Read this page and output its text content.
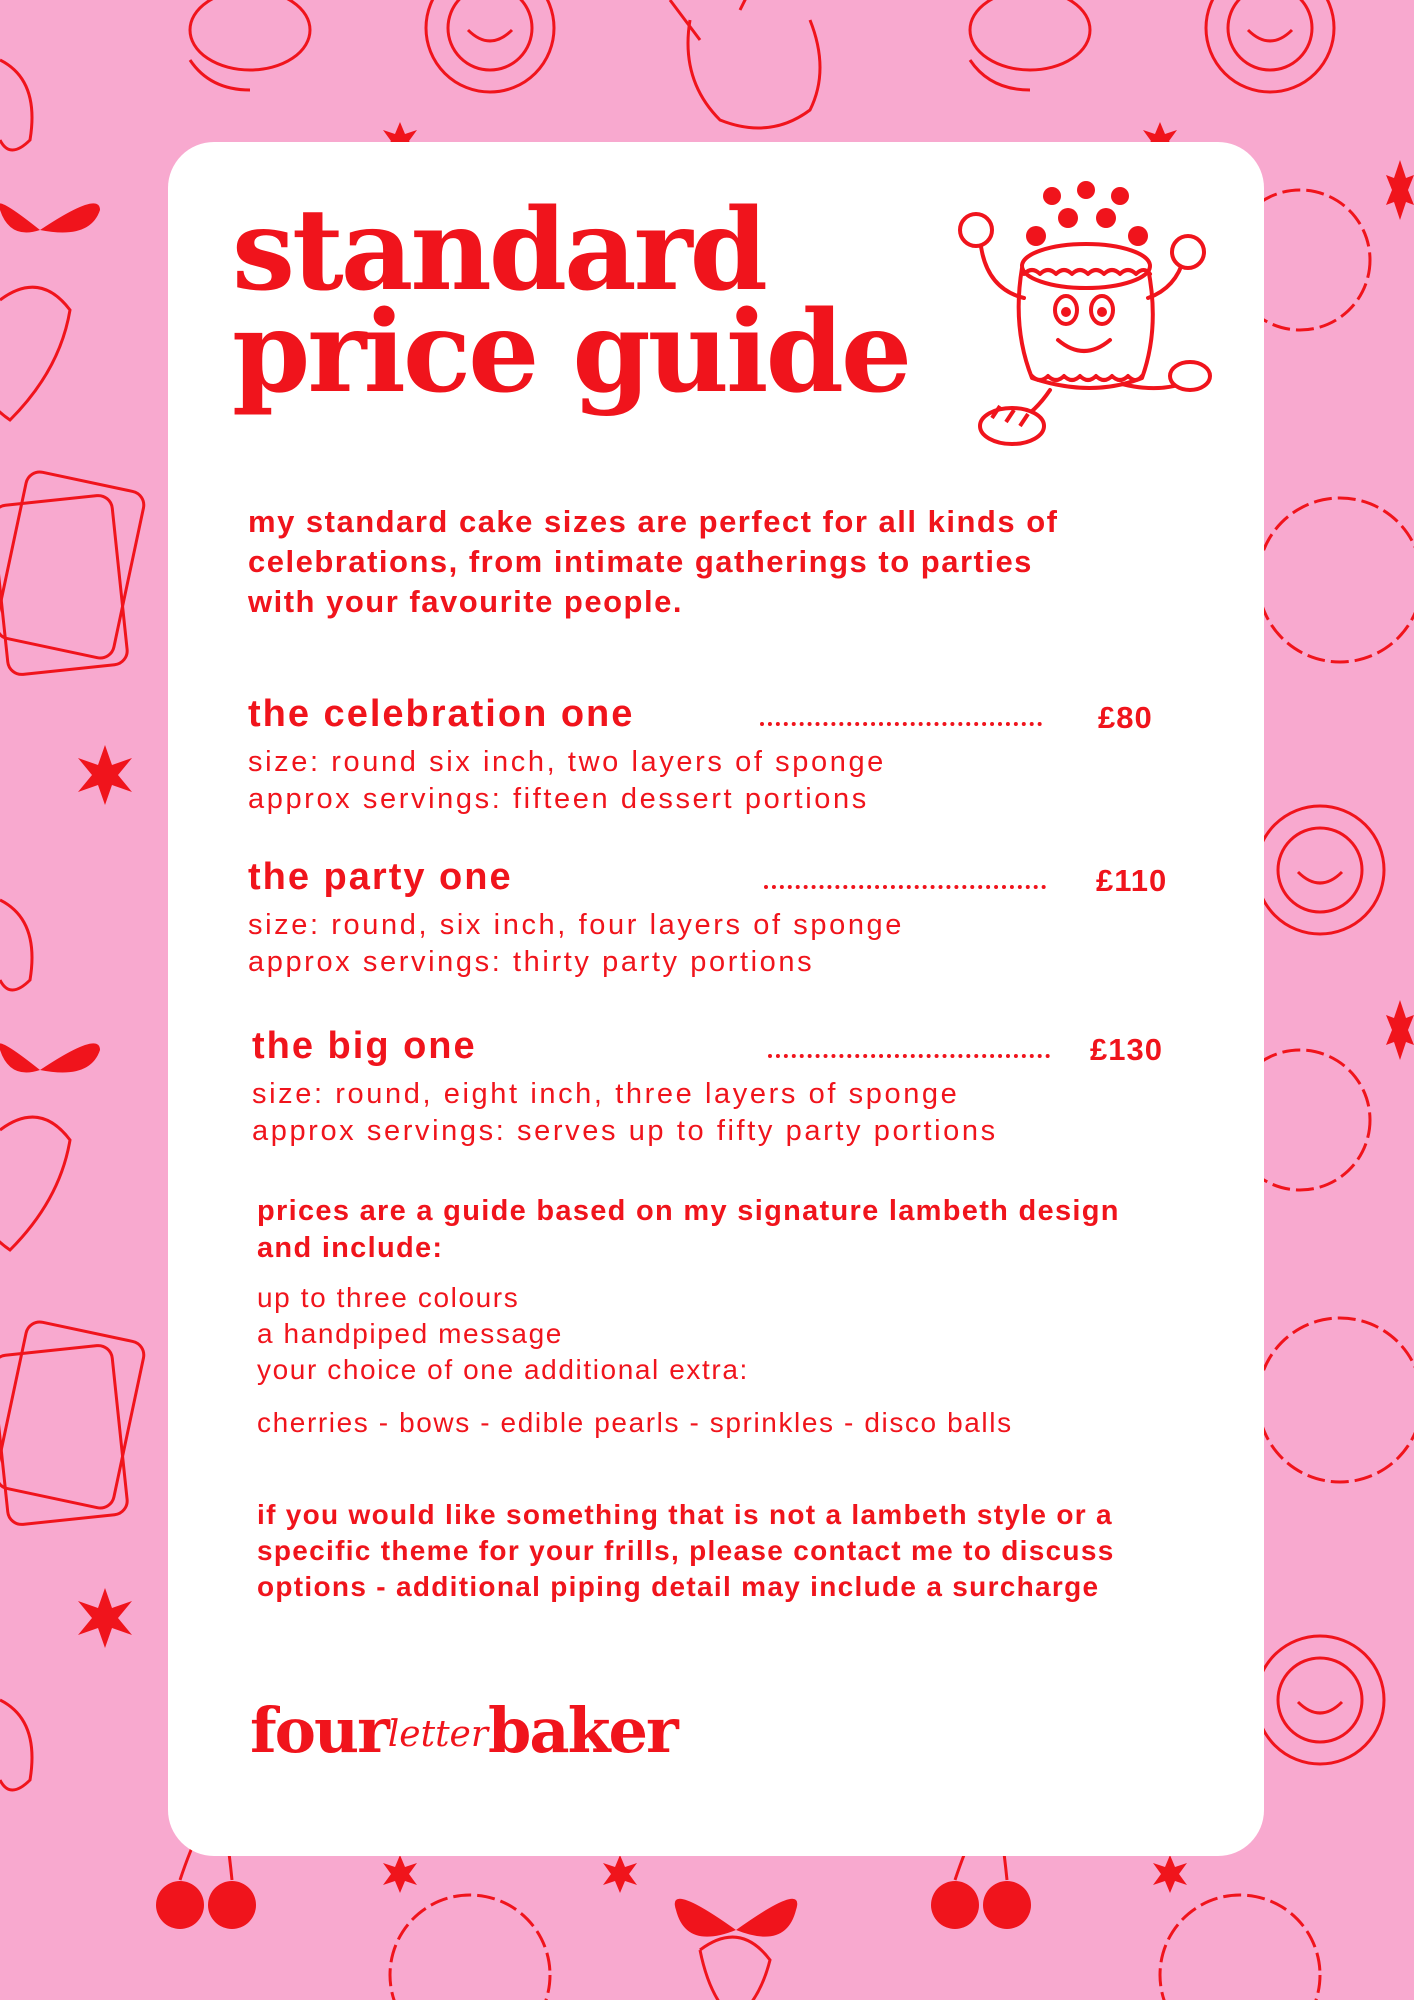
standard
price guide

my standard cake sizes are perfect for all kinds of celebrations, from intimate gatherings to parties with your favourite people.

the celebration one	£80

size: round six inch, two layers of sponge
approx servings: fifteen dessert portions

the party one	£110

size: round, six inch, four layers of sponge
approx servings: thirty party portions

the big one	£130

size: round, eight inch, three layers of sponge
approx servings: serves up to fifty party portions

prices are a guide based on my signature lambeth design and include:

up to three colours
a handpiped message
your choice of one additional extra:

cherries - bows - edible pearls - sprinkles - disco balls

if you would like something that is not a lambeth style or a specific theme for your frills, please contact me to discuss options - additional piping detail may include a surcharge

fourletterbaker
